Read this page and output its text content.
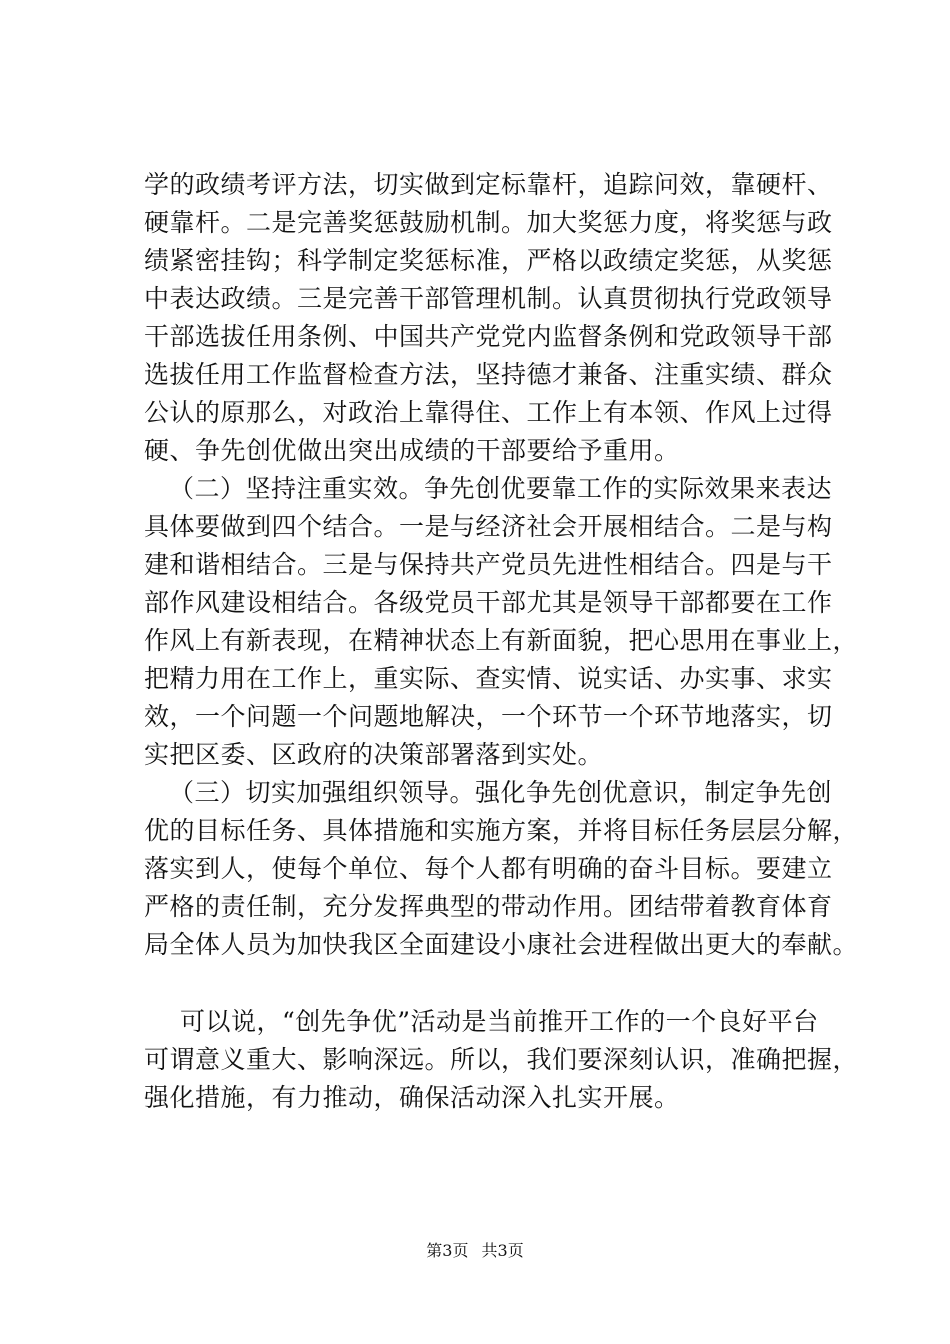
学的政绩考评方法，切实做到定标靠杆，追踪问效，靠硬杆、
硬靠杆。二是完善奖惩鼓励机制。加大奖惩力度，将奖惩与政
绩紧密挂钩；科学制定奖惩标准，严格以政绩定奖惩，从奖惩
中表达政绩。三是完善干部管理机制。认真贯彻执行党政领导
干部选拔任用条例、中国共产党党内监督条例和党政领导干部
选拔任用工作监督检查方法，坚持德才兼备、注重实绩、群众
公认的原那么，对政治上靠得住、工作上有本领、作风上过得
硬、争先创优做出突出成绩的干部要给予重用。
（二）坚持注重实效。争先创优要靠工作的实际效果来表达
具体要做到四个结合。一是与经济社会开展相结合。二是与构
建和谐相结合。三是与保持共产党员先进性相结合。四是与干
部作风建设相结合。各级党员干部尤其是领导干部都要在工作
作风上有新表现，在精神状态上有新面貌，把心思用在事业上，
把精力用在工作上，重实际、查实情、说实话、办实事、求实
效，一个问题一个问题地解决，一个环节一个环节地落实，切
实把区委、区政府的决策部署落到实处。
（三）切实加强组织领导。强化争先创优意识，制定争先创
优的目标任务、具体措施和实施方案，并将目标任务层层分解，
落实到人，使每个单位、每个人都有明确的奋斗目标。要建立
严格的责任制，充分发挥典型的带动作用。团结带着教育体育
局全体人员为加快我区全面建设小康社会进程做出更大的奉献。
可以说，“创先争优”活动是当前推开工作的一个良好平台
可谓意义重大、影响深远。所以，我们要深刻认识，准确把握，
强化措施，有力推动，确保活动深入扎实开展。
第3页 共3页
